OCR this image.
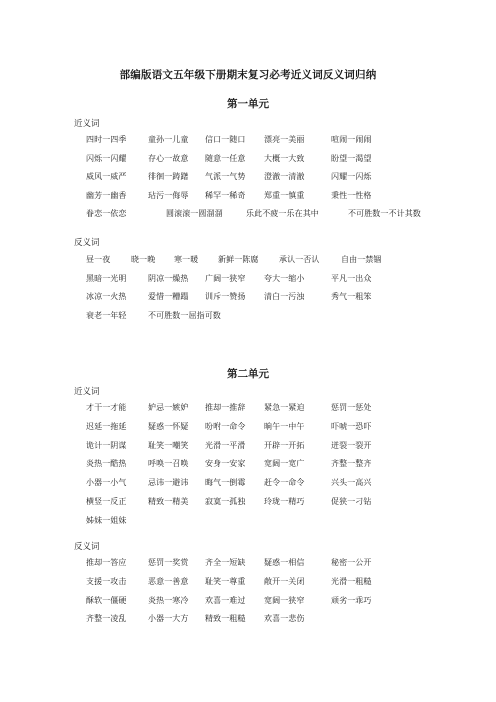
部编版语文五年级下册期末复习必考近义词反义词归纳
第一单元
近义词
四时一四季	童孙一儿童 信口一随口 漂亮一美丽	喧闹一闹闹
闪烁一闪耀	存心一故意 随意一任意 大概一大致	盼望一渴望
威风一威严	徘徊一踌躇 气派一气势 澄澈一清澈	闪耀一闪烁
幽芳一幽香	玷污一侮辱 稀罕一稀奇 郑重一慎重	秉性一性格
眷恋一依恋	圆滚滚一圆溜溜	乐此不疲一乐在其中	不可胜数一不计其数
反义词
昼一夜	晓一晚 寒一暖 新鲜一陈腐	承认一否认	自由一禁锢
黑暗一光明	阴凉一燥热 广阔一狭窄 夸大一缩小	平凡一出众
冰凉一火热	爱惜一糟蹋 训斥一赞扬 清白一污浊	秀气一粗笨
衰老一年轻	不可胜数一屈指可数
第二单元
近义词
才干一才能	妒忌一嫉妒 推却一推辞 紧急一紧迫	惩罚一惩处
迟延一拖延	疑惑一怀疑 吩咐一命令 晌午一中午	吓唬一恐吓
诡计一阴谋	耻笑一嘲笑 光滑一平滑 开辟一开拓	迸裂一裂开
炎热一酷热	呼唤一召唤 安身一安家 宽阔一宽广	齐整一整齐
小器一小气	忌讳一避讳 晦气一倒霉 赶令一命令	兴头一高兴
横竖一反正	精致一精美 寂寞一孤独 玲珑一精巧	促狭一刁钻
姊妹一姐妹
反义词
推却一答应	惩罚一奖赏 齐全一短缺 疑惑一相信	秘密一公开
支援一攻击	恶意一善意 耻笑一尊重 敞开一关闭	光滑一粗糙
酥软一僵硬	炎热一寒冷 欢喜一难过 宽阔一狭窄	顽劣一乖巧
齐整一凌乱	小器一大方 精致一粗糙 欢喜一悲伤
